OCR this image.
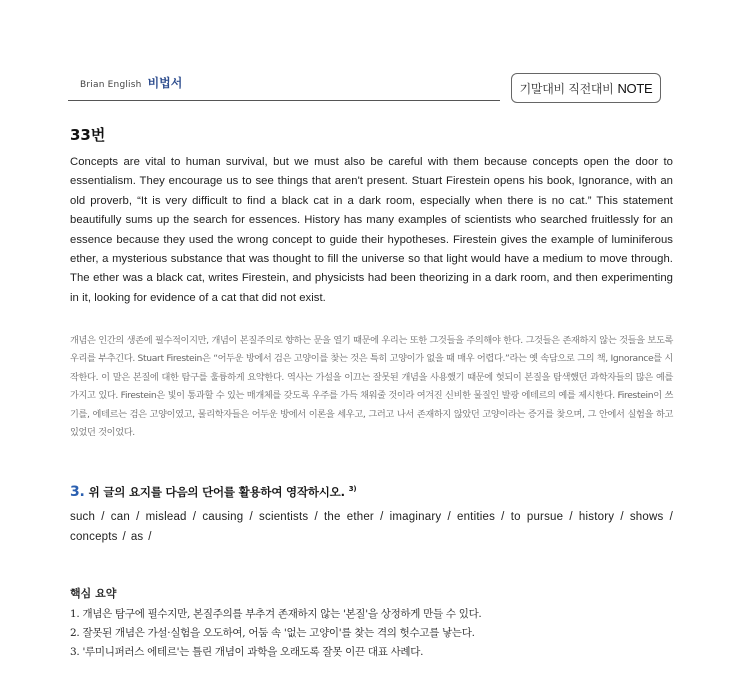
Brian English 비법서	기말대비 직전대비 NOTE
33번

Concepts are vital to human survival, but we must also be careful with them because concepts open the door to essentialism. They encourage us to see things that aren't present. Stuart Firestein opens his book, Ignorance, with an old proverb, “It is very difficult to find a black cat in a dark room, especially when there is no cat.” This statement beautifully sums up the search for essences. History has many examples of scientists who searched fruitlessly for an essence because they used the wrong concept to guide their hypotheses. Firestein gives the example of luminiferous ether, a mysterious substance that was thought to fill the universe so that light would have a medium to move through. The ether was a black cat, writes Firestein, and physicists had been theorizing in a dark room, and then experimenting in it, looking for evidence of a cat that did not exist.

개념은 인간의 생존에 필수적이지만, 개념이 본질주의로 향하는 문을 열기 때문에 우리는 또한 그것들을 주의해야 한다. 그것들은 존재하지 않는 것들을 보도록 우리를 부추긴다. Stuart Firestein은 “어두운 방에서 검은 고양이를 찾는 것은 특히 고양이가 없을 때 매우 어렵다.”라는 옛 속담으로 그의 책, Ignorance를 시작한다. 이 말은 본질에 대한 탐구를 훌륭하게 요약한다. 역사는 가설을 이끄는 잘못된 개념을 사용했기 때문에 헛되이 본질을 탐색했던 과학자들의 많은 예를 가지고 있다. Firestein은 빛이 통과할 수 있는 매개체를 갖도록 우주를 가득 채워줄 것이라 여겨진 신비한 물질인 발광 에테르의 예를 제시한다. Firestein이 쓰기를, 에테르는 검은 고양이였고, 물리학자들은 어두운 방에서 이론을 세우고, 그러고 나서 존재하지 않았던 고양이라는 증거를 찾으며, 그 안에서 실험을 하고 있었던 것이었다.

3. 위 글의 요지를 다음의 단어를 활용하여 영작하시오. $^{3)}$

such / can / mislead / causing / scientists / the ether / imaginary / entities / to pursue / history / shows / concepts / as /

핵심 요약
1. 개념은 탐구에 필수지만, 본질주의를 부추겨 존재하지 않는 '본질'을 상정하게 만들 수 있다.
2. 잘못된 개념은 가설·실험을 오도하여, 어둠 속 '없는 고양이'를 찾는 격의 헛수고를 낳는다.
3. '루미니퍼러스 에테르'는 틀린 개념이 과학을 오래도록 잘못 이끈 대표 사례다.
